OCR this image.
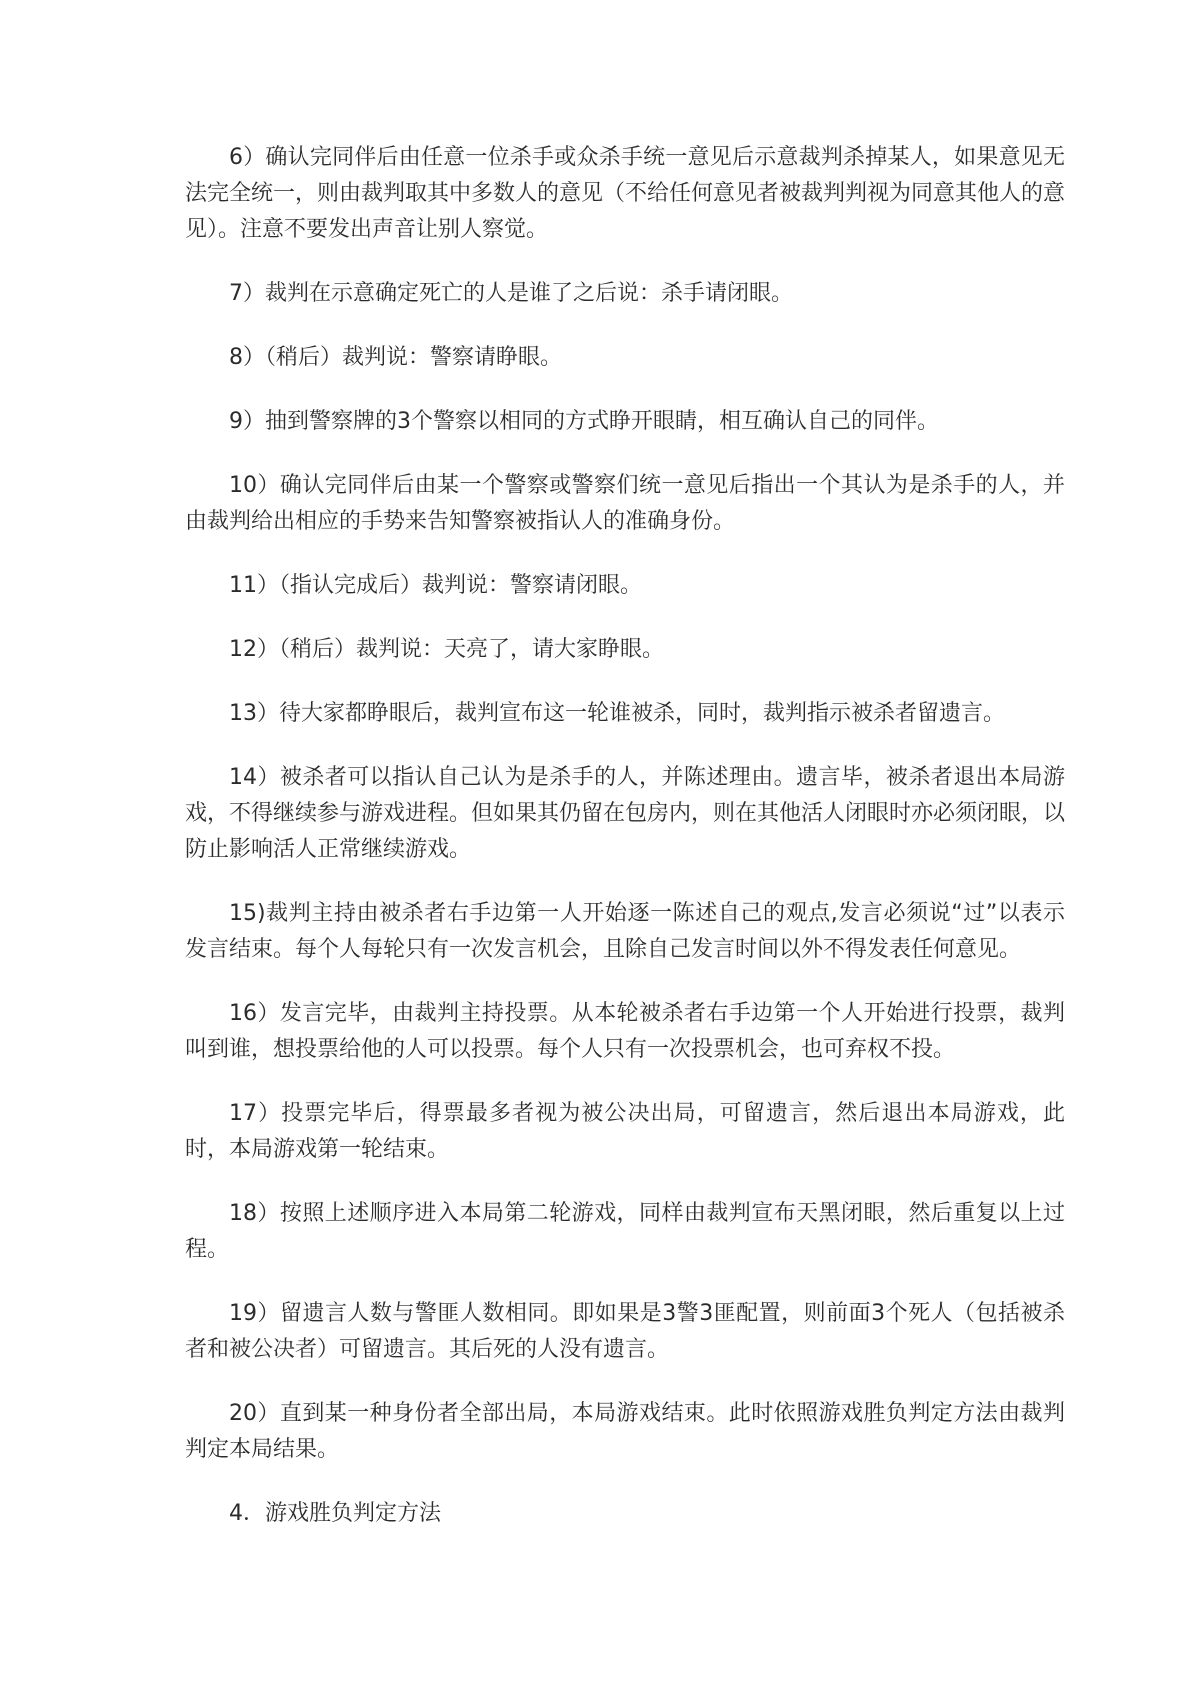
6）确认完同伴后由任意一位杀手或众杀手统一意见后示意裁判杀掉某人，如果意见无法完全统一，则由裁判取其中多数人的意见（不给任何意见者被裁判判视为同意其他人的意见）。注意不要发出声音让别人察觉。

7）裁判在示意确定死亡的人是谁了之后说：杀手请闭眼。

8）（稍后）裁判说：警察请睁眼。

9）抽到警察牌的3个警察以相同的方式睁开眼睛，相互确认自己的同伴。

10）确认完同伴后由某一个警察或警察们统一意见后指出一个其认为是杀手的人，并由裁判给出相应的手势来告知警察被指认人的准确身份。

11）（指认完成后）裁判说：警察请闭眼。

12）（稍后）裁判说：天亮了，请大家睁眼。

13）待大家都睁眼后，裁判宣布这一轮谁被杀，同时，裁判指示被杀者留遗言。

14）被杀者可以指认自己认为是杀手的人，并陈述理由。遗言毕，被杀者退出本局游戏，不得继续参与游戏进程。但如果其仍留在包房内，则在其他活人闭眼时亦必须闭眼，以防止影响活人正常继续游戏。

15)裁判主持由被杀者右手边第一人开始逐一陈述自己的观点,发言必须说“过”以表示发言结束。每个人每轮只有一次发言机会，且除自己发言时间以外不得发表任何意见。

16）发言完毕，由裁判主持投票。从本轮被杀者右手边第一个人开始进行投票，裁判叫到谁，想投票给他的人可以投票。每个人只有一次投票机会，也可弃权不投。

17）投票完毕后，得票最多者视为被公决出局，可留遗言，然后退出本局游戏，此时，本局游戏第一轮结束。

18）按照上述顺序进入本局第二轮游戏，同样由裁判宣布天黑闭眼，然后重复以上过程。

19）留遗言人数与警匪人数相同。即如果是3警3匪配置，则前面3个死人（包括被杀者和被公决者）可留遗言。其后死的人没有遗言。

20）直到某一种身份者全部出局，本局游戏结束。此时依照游戏胜负判定方法由裁判判定本局结果。

4．游戏胜负判定方法
